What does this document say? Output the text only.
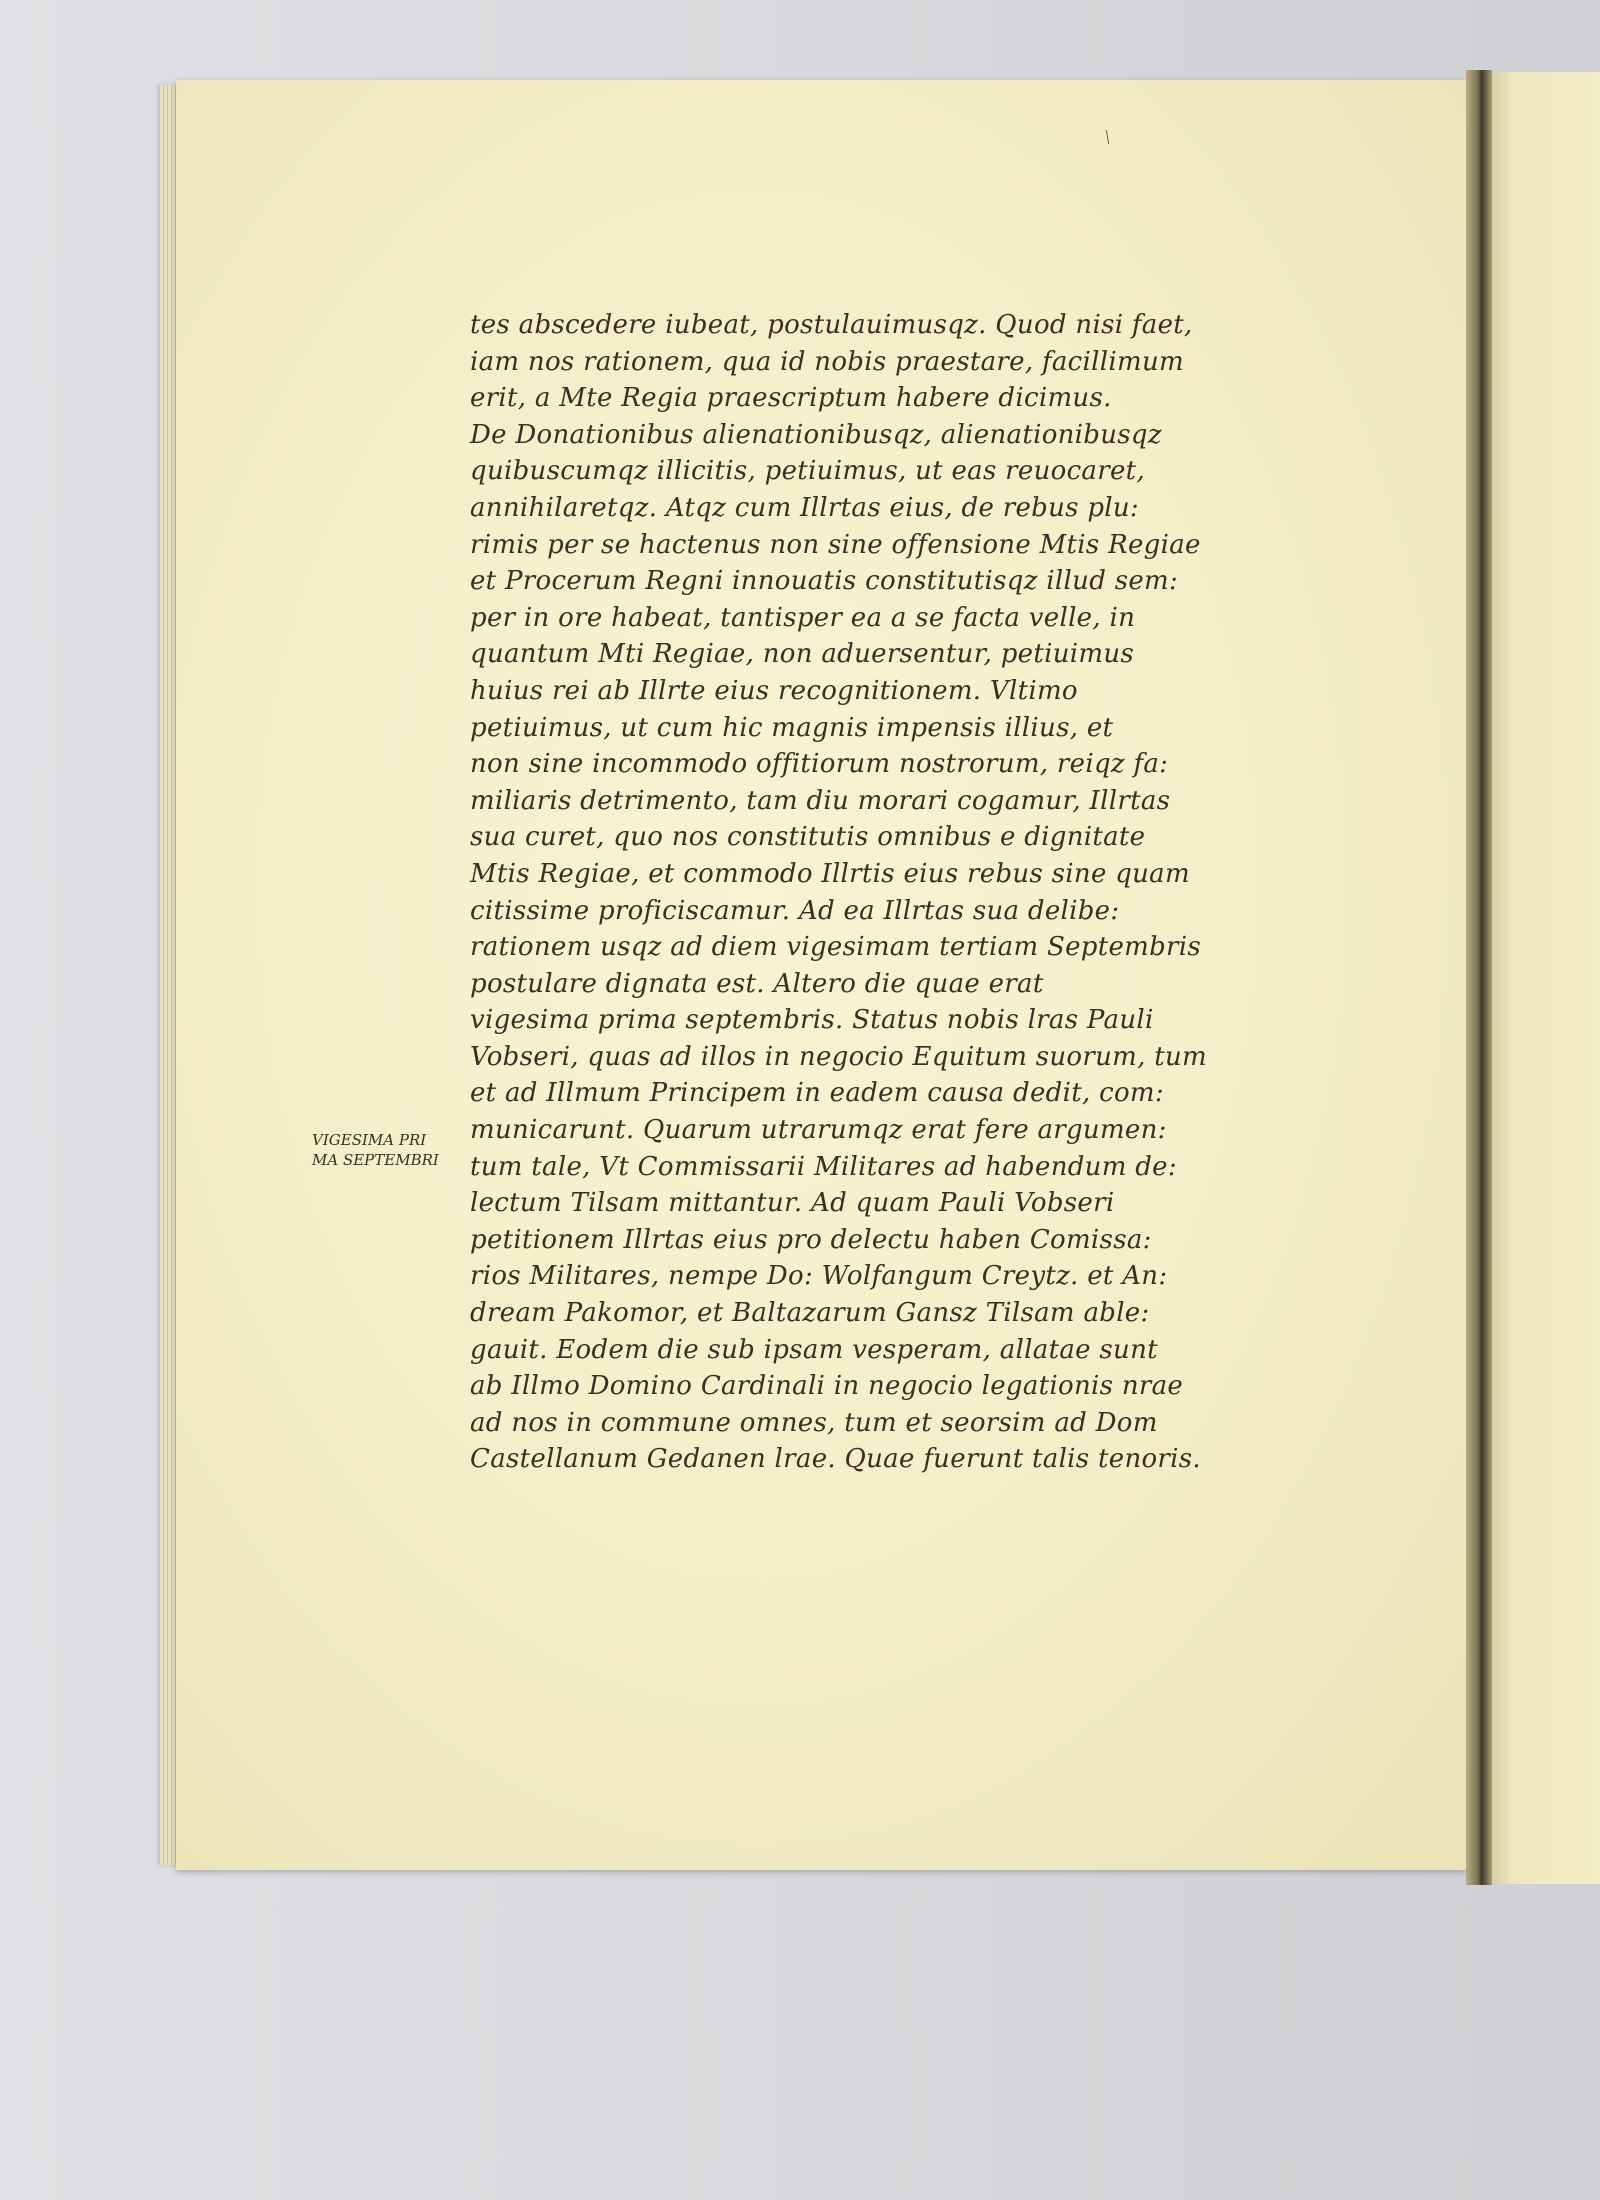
tes abscedere iubeat, postulauimusqz. Quod nisi faet,
iam nos rationem, qua id nobis praestare, facillimum
erit, a Mte Regia praescriptum habere dicimus.
De Donationibus alienationibusqz, alienationibusqz
quibuscumqz illicitis, petiuimus, ut eas reuocaret,
annihilaretqz. Atqz cum Illrtas eius, de rebus plu:
rimis per se hactenus non sine offensione Mtis Regiae
et Procerum Regni innouatis constitutisqz illud sem:
per in ore habeat, tantisper ea a se facta velle, in
quantum Mti Regiae, non aduersentur, petiuimus
huius rei ab Illrte eius recognitionem. Vltimo
petiuimus, ut cum hic magnis impensis illius, et
non sine incommodo offitiorum nostrorum, reiqz fa:
miliaris detrimento, tam diu morari cogamur, Illrtas
sua curet, quo nos constitutis omnibus e dignitate
Mtis Regiae, et commodo Illrtis eius rebus sine quam
citissime proficiscamur. Ad ea Illrtas sua delibe:
rationem usqz ad diem vigesimam tertiam Septembris
postulare dignata est. Altero die quae erat
vigesima prima septembris. Status nobis lras Pauli
Vobseri, quas ad illos in negocio Equitum suorum, tum
et ad Illmum Principem in eadem causa dedit, com:
municarunt. Quarum utrarumqz erat fere argumen:
tum tale, Vt Commissarii Militares ad habendum de:
lectum Tilsam mittantur. Ad quam Pauli Vobseri
petitionem Illrtas eius pro delectu haben Comissa:
rios Militares, nempe Do: Wolfangum Creytz. et An:
dream Pakomor, et Baltazarum Gansz Tilsam able:
gauit. Eodem die sub ipsam vesperam, allatae sunt
ab Illmo Domino Cardinali in negocio legationis nrae
ad nos in commune omnes, tum et seorsim ad Dom
Castellanum Gedanen lrae. Quae fuerunt talis tenoris.
VIGESIMA PRI
MA SEPTEMBRI
